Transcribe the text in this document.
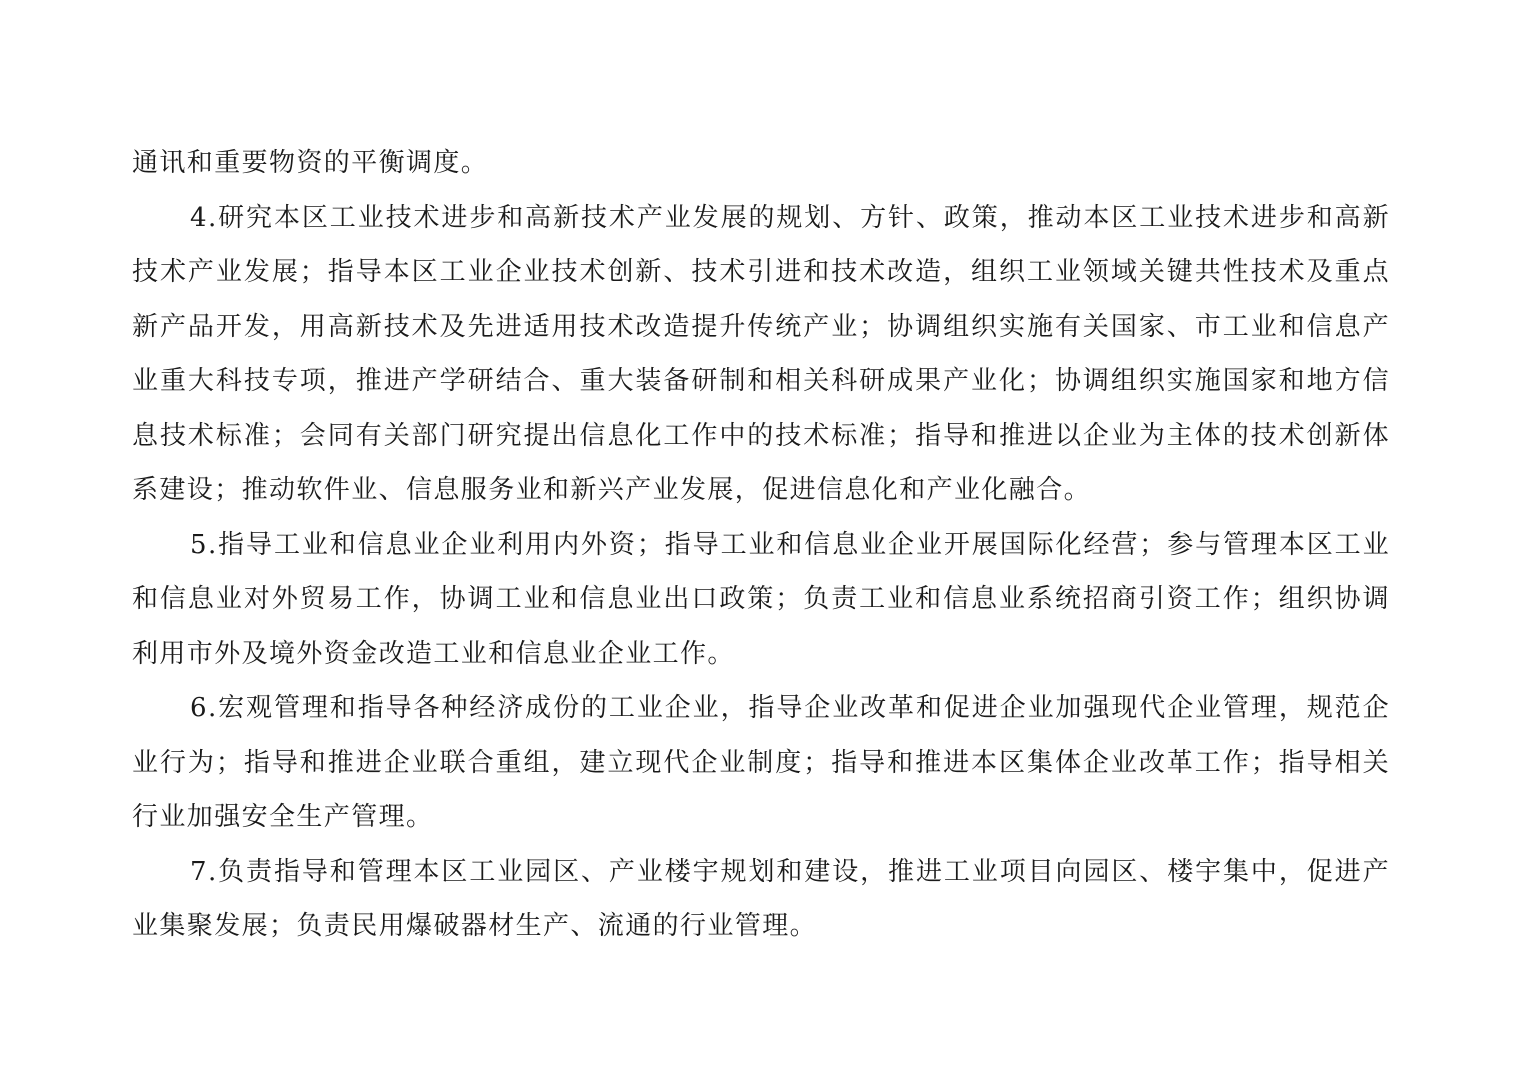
通讯和重要物资的平衡调度。

4.研究本区工业技术进步和高新技术产业发展的规划、方针、政策，推动本区工业技术进步和高新技术产业发展；指导本区工业企业技术创新、技术引进和技术改造，组织工业领域关键共性技术及重点新产品开发，用高新技术及先进适用技术改造提升传统产业；协调组织实施有关国家、市工业和信息产业重大科技专项，推进产学研结合、重大装备研制和相关科研成果产业化；协调组织实施国家和地方信息技术标准；会同有关部门研究提出信息化工作中的技术标准；指导和推进以企业为主体的技术创新体系建设；推动软件业、信息服务业和新兴产业发展，促进信息化和产业化融合。

5.指导工业和信息业企业利用内外资；指导工业和信息业企业开展国际化经营；参与管理本区工业和信息业对外贸易工作，协调工业和信息业出口政策；负责工业和信息业系统招商引资工作；组织协调利用市外及境外资金改造工业和信息业企业工作。

6.宏观管理和指导各种经济成份的工业企业，指导企业改革和促进企业加强现代企业管理，规范企业行为；指导和推进企业联合重组，建立现代企业制度；指导和推进本区集体企业改革工作；指导相关行业加强安全生产管理。

7.负责指导和管理本区工业园区、产业楼宇规划和建设，推进工业项目向园区、楼宇集中，促进产业集聚发展；负责民用爆破器材生产、流通的行业管理。
